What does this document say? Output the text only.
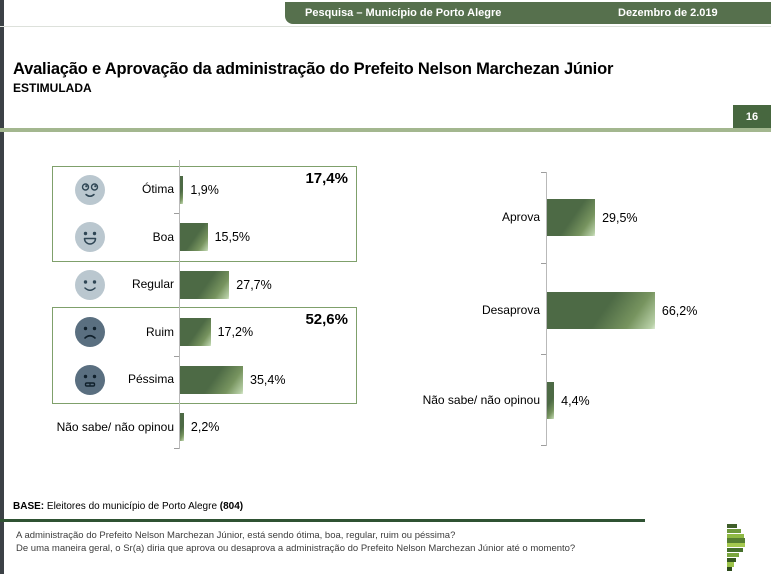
Pesquisa – Município de Porto Alegre	Dezembro de 2.019
Avaliação e Aprovação da administração do Prefeito Nelson Marchezan Júnior
ESTIMULADA
16
17,4%
52,6%
Ótima
Boa
Regular
Ruim
Péssima
Não sabe/ não opinou
1,9%
15,5%
27,7%
17,2%
35,4%
2,2%
Aprova
Desaprova
Não sabe/ não opinou
29,5%
66,2%
4,4%
BASE: Eleitores do município de Porto Alegre (804)
A administração do Prefeito Nelson Marchezan Júnior, está sendo ótima, boa, regular, ruim ou péssima?
De uma maneira geral, o Sr(a) diria que aprova ou desaprova a administração do Prefeito Nelson Marchezan Júnior até o momento?
